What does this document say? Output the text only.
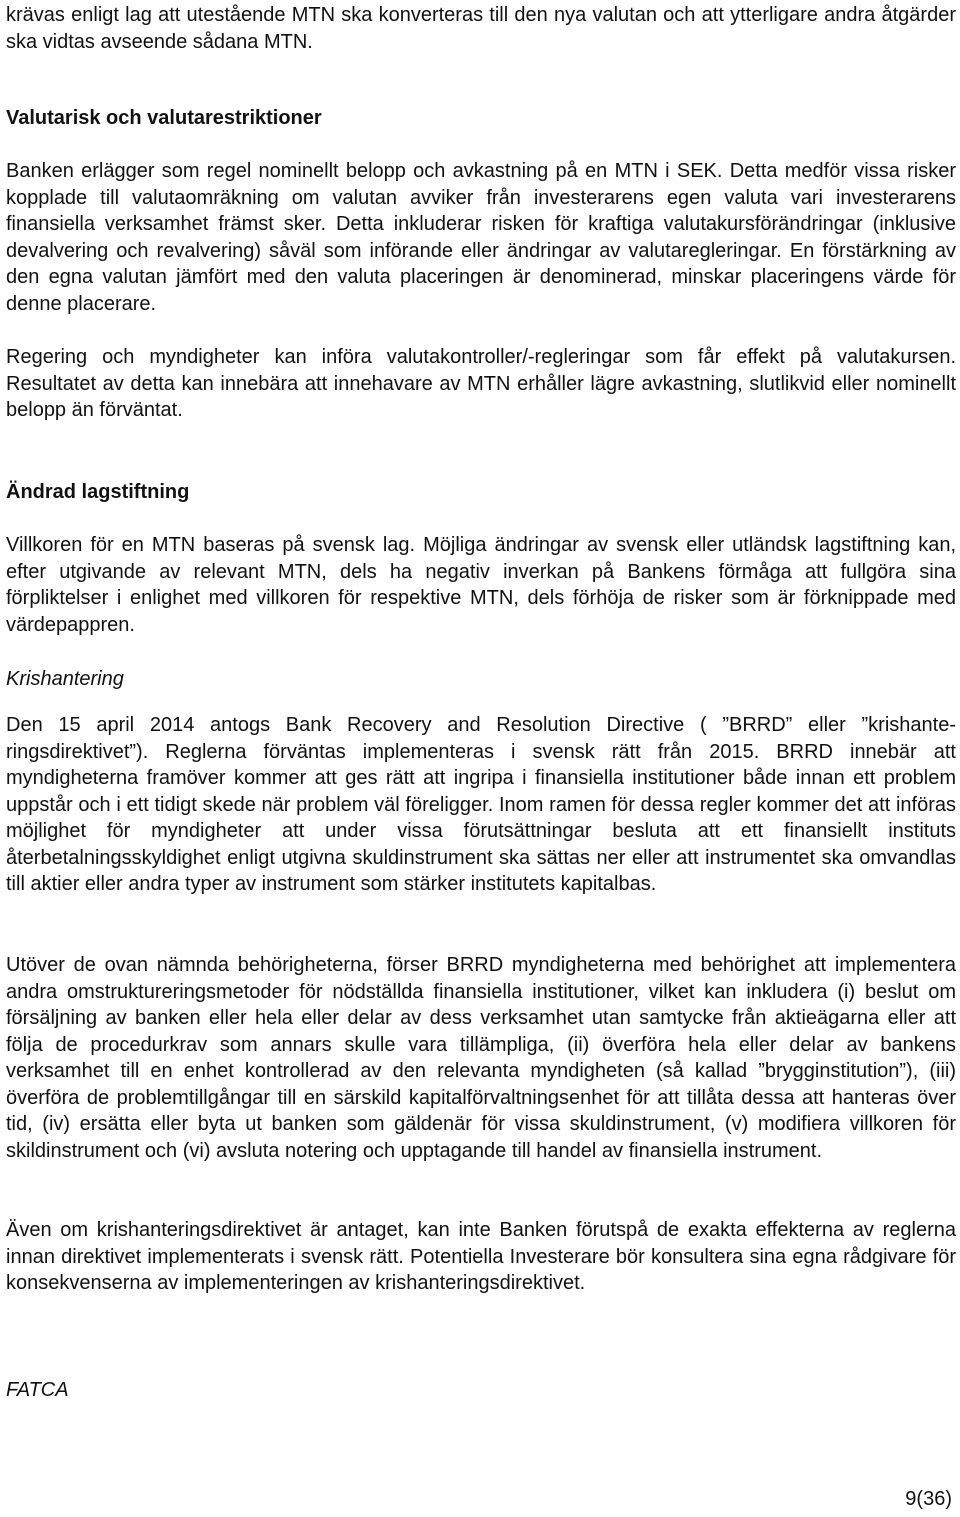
krävas enligt lag att utestående MTN ska konverteras till den nya valutan och att ytterligare andra åtgärder ska vidtas avseende sådana MTN.

Valutarisk och valutarestriktioner

Banken erlägger som regel nominellt belopp och avkastning på en MTN i SEK. Detta medför vissa risker kopplade till valutaomräkning om valutan avviker från investerarens egen valuta vari investerarens finansiella verksamhet främst sker. Detta inkluderar risken för kraftiga valutakursförändringar (inklusive devalvering och revalvering) såväl som införande eller ändringar av valutaregleringar. En förstärkning av den egna valutan jämfört med den valuta placeringen är denominerad, minskar placeringens värde för denne placerare.

Regering och myndigheter kan införa valutakontroller/-regleringar som får effekt på valutakursen. Resultatet av detta kan innebära att innehavare av MTN erhåller lägre avkastning, slutlikvid eller nominellt belopp än förväntat.

Ändrad lagstiftning

Villkoren för en MTN baseras på svensk lag. Möjliga ändringar av svensk eller utländsk lagstiftning kan, efter utgivande av relevant MTN, dels ha negativ inverkan på Bankens förmåga att fullgöra sina förpliktelser i enlighet med villkoren för respektive MTN, dels förhöja de risker som är förknippade med värdepappren.

Krishantering

Den 15 april 2014 antogs Bank Recovery and Resolution Directive ( ”BRRD” eller ”krishanteringsdirektivet”). Reglerna förväntas implementeras i svensk rätt från 2015. BRRD innebär att myndigheterna framöver kommer att ges rätt att ingripa i finansiella institutioner både innan ett problem uppstår och i ett tidigt skede när problem väl föreligger. Inom ramen för dessa regler kommer det att införas möjlighet för myndigheter att under vissa förutsättningar besluta att ett finansiellt instituts återbetalningsskyldighet enligt utgivna skuldinstrument ska sättas ner eller att instrumentet ska omvandlas till aktier eller andra typer av instrument som stärker institutets kapitalbas.

Utöver de ovan nämnda behörigheterna, förser BRRD myndigheterna med behörighet att implementera andra omstruktureringsmetoder för nödställda finansiella institutioner, vilket kan inkludera (i) beslut om försäljning av banken eller hela eller delar av dess verksamhet utan samtycke från aktieägarna eller att följa de procedurkrav som annars skulle vara tillämpliga, (ii) överföra hela eller delar av bankens verksamhet till en enhet kontrollerad av den relevanta myndigheten (så kallad ”brygginstitution”), (iii) överföra de problemtillgångar till en särskild kapitalförvaltningsenhet för att tillåta dessa att hanteras över tid, (iv) ersätta eller byta ut banken som gäldenär för vissa skuldinstrument, (v) modifiera villkoren för skildinstrument och (vi) avsluta notering och upptagande till handel av finansiella instrument.

Även om krishanteringsdirektivet är antaget, kan inte Banken förutspå de exakta effekterna av reglerna innan direktivet implementerats i svensk rätt. Potentiella Investerare bör konsultera sina egna rådgivare för konsekvenserna av implementeringen av krishanteringsdirektivet.

FATCA
9(36)
